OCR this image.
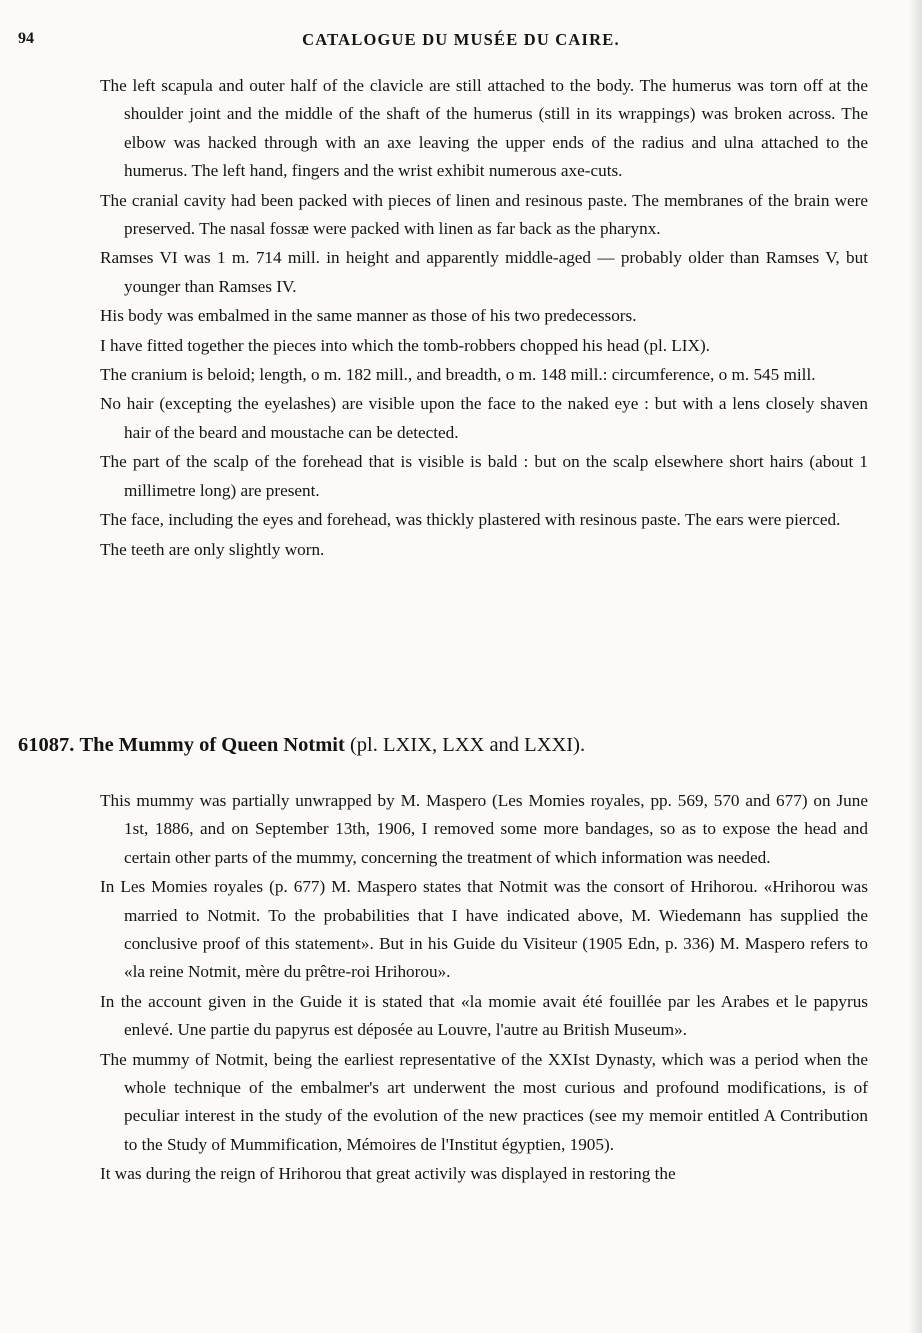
94	CATALOGUE DU MUSÉE DU CAIRE.

The left scapula and outer half of the clavicle are still attached to the body. The humerus was torn off at the shoulder joint and the middle of the shaft of the humerus (still in its wrappings) was broken across. The elbow was hacked through with an axe leaving the upper ends of the radius and ulna attached to the humerus. The left hand, fingers and the wrist exhibit numerous axe-cuts.

The cranial cavity had been packed with pieces of linen and resinous paste. The membranes of the brain were preserved. The nasal fossæ were packed with linen as far back as the pharynx.

Ramses VI was 1 m. 714 mill. in height and apparently middle-aged — probably older than Ramses V, but younger than Ramses IV.

His body was embalmed in the same manner as those of his two predecessors.

I have fitted together the pieces into which the tomb-robbers chopped his head (pl. LIX).

The cranium is beloid; length, o m. 182 mill., and breadth, o m. 148 mill.: circumference, o m. 545 mill.

No hair (excepting the eyelashes) are visible upon the face to the naked eye : but with a lens closely shaven hair of the beard and moustache can be detected.

The part of the scalp of the forehead that is visible is bald : but on the scalp elsewhere short hairs (about 1 millimetre long) are present.

The face, including the eyes and forehead, was thickly plastered with resinous paste. The ears were pierced.

The teeth are only slightly worn.

61087. The Mummy of Queen Notmit (pl. LXIX, LXX and LXXI).

This mummy was partially unwrapped by M. Maspero (Les Momies royales, pp. 569, 570 and 677) on June 1st, 1886, and on September 13th, 1906, I removed some more bandages, so as to expose the head and certain other parts of the mummy, concerning the treatment of which information was needed.

In Les Momies royales (p. 677) M. Maspero states that Notmit was the consort of Hrihorou. «Hrihorou was married to Notmit. To the probabilities that I have indicated above, M. Wiedemann has supplied the conclusive proof of this statement». But in his Guide du Visiteur (1905 Edn, p. 336) M. Maspero refers to «la reine Notmit, mère du prêtre-roi Hrihorou».

In the account given in the Guide it is stated that «la momie avait été fouillée par les Arabes et le papyrus enlevé. Une partie du papyrus est déposée au Louvre, l'autre au British Museum».

The mummy of Notmit, being the earliest representative of the XXIst Dynasty, which was a period when the whole technique of the embalmer's art underwent the most curious and profound modifications, is of peculiar interest in the study of the evolution of the new practices (see my memoir entitled A Contribution to the Study of Mummification, Mémoires de l'Institut égyptien, 1905).

It was during the reign of Hrihorou that great activily was displayed in restoring the
